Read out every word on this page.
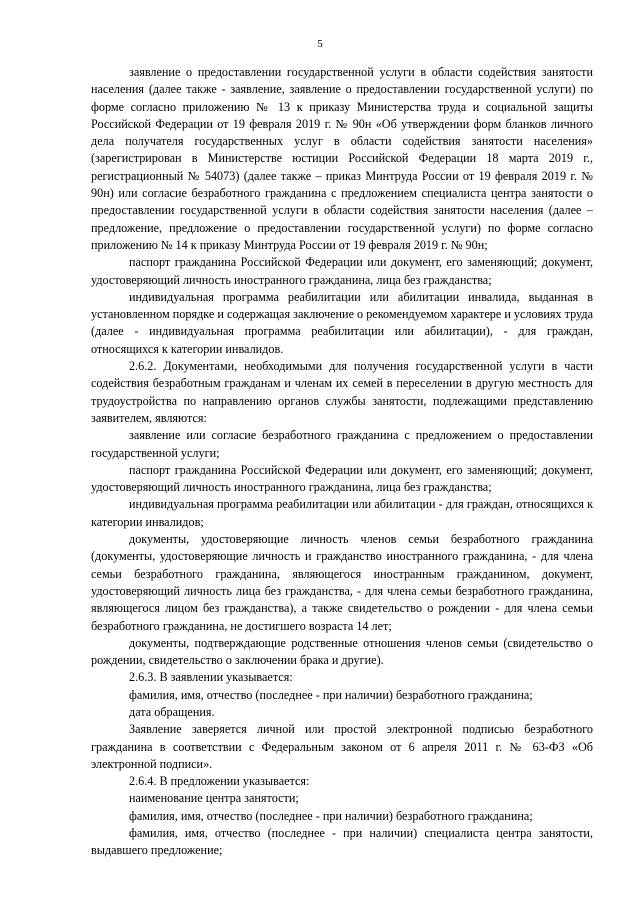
5

заявление о предоставлении государственной услуги в области содействия занятости населения (далее также - заявление, заявление о предоставлении государственной услуги) по форме согласно приложению № 13 к приказу Министерства труда и социальной защиты Российской Федерации от 19 февраля 2019 г. № 90н «Об утверждении форм бланков личного дела получателя государственных услуг в области содействия занятости населения» (зарегистрирован в Министерстве юстиции Российской Федерации 18 марта 2019 г., регистрационный № 54073) (далее также – приказ Минтруда России от 19 февраля 2019 г. № 90н) или согласие безработного гражданина с предложением специалиста центра занятости о предоставлении государственной услуги в области содействия занятости населения (далее – предложение, предложение о предоставлении государственной услуги) по форме согласно приложению № 14 к приказу Минтруда России от 19 февраля 2019 г. № 90н;

паспорт гражданина Российской Федерации или документ, его заменяющий; документ, удостоверяющий личность иностранного гражданина, лица без гражданства;

индивидуальная программа реабилитации или абилитации инвалида, выданная в установленном порядке и содержащая заключение о рекомендуемом характере и условиях труда (далее - индивидуальная программа реабилитации или абилитации), - для граждан, относящихся к категории инвалидов.

2.6.2. Документами, необходимыми для получения государственной услуги в части содействия безработным гражданам и членам их семей в переселении в другую местность для трудоустройства по направлению органов службы занятости, подлежащими представлению заявителем, являются:

заявление или согласие безработного гражданина с предложением о предоставлении государственной услуги;

паспорт гражданина Российской Федерации или документ, его заменяющий; документ, удостоверяющий личность иностранного гражданина, лица без гражданства;

индивидуальная программа реабилитации или абилитации - для граждан, относящихся к категории инвалидов;

документы, удостоверяющие личность членов семьи безработного гражданина (документы, удостоверяющие личность и гражданство иностранного гражданина, - для члена семьи безработного гражданина, являющегося иностранным гражданином, документ, удостоверяющий личность лица без гражданства, - для члена семьи безработного гражданина, являющегося лицом без гражданства), а также свидетельство о рождении - для члена семьи безработного гражданина, не достигшего возраста 14 лет;

документы, подтверждающие родственные отношения членов семьи (свидетельство о рождении, свидетельство о заключении брака и другие).

2.6.3. В заявлении указывается:

фамилия, имя, отчество (последнее - при наличии) безработного гражданина;

дата обращения.

Заявление заверяется личной или простой электронной подписью безработного гражданина в соответствии с Федеральным законом от 6 апреля 2011 г. № 63-ФЗ «Об электронной подписи».

2.6.4. В предложении указывается:

наименование центра занятости;

фамилия, имя, отчество (последнее - при наличии) безработного гражданина;

фамилия, имя, отчество (последнее - при наличии) специалиста центра занятости, выдавшего предложение;
